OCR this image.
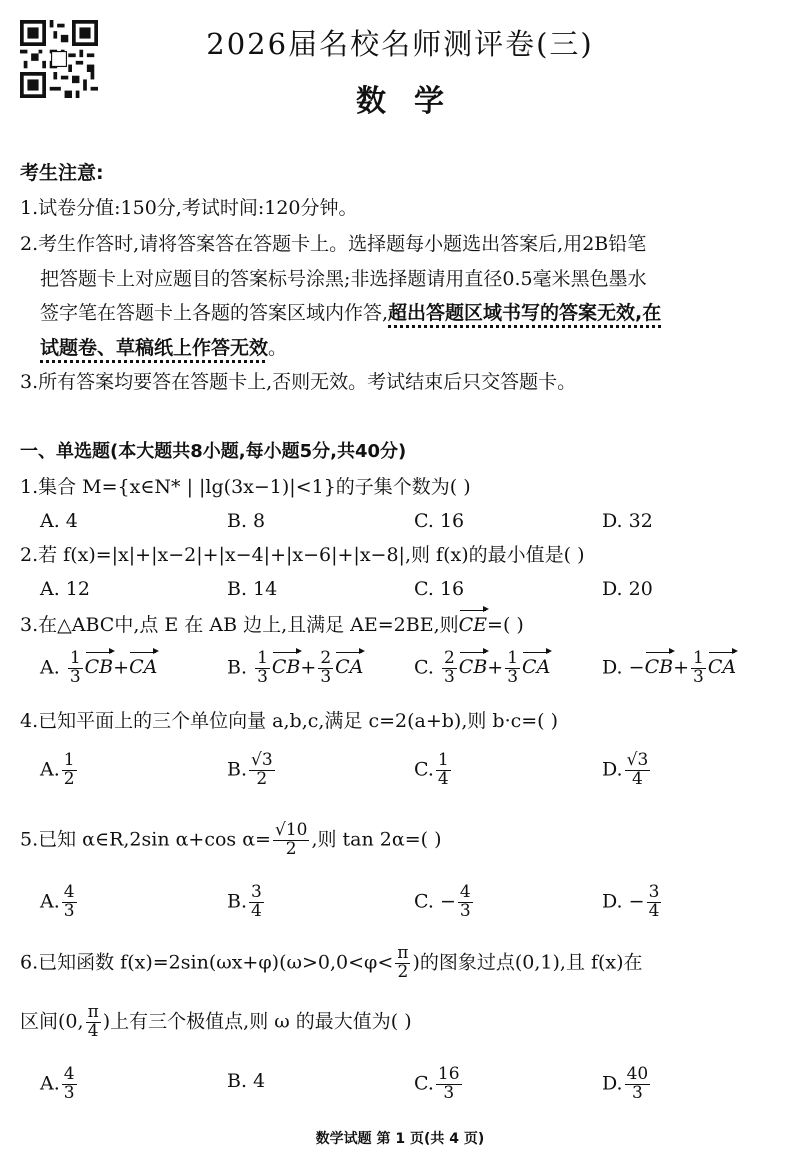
2026届名校名师测评卷(三)
数学
考生注意:
1.试卷分值:150分,考试时间:120分钟。
2.考生作答时,请将答案答在答题卡上。选择题每小题选出答案后,用2B铅笔
把答题卡上对应题目的答案标号涂黑;非选择题请用直径0.5毫米黑色墨水
签字笔在答题卡上各题的答案区域内作答,超出答题区域书写的答案无效,在
试题卷、草稿纸上作答无效。
3.所有答案均要答在答题卡上,否则无效。考试结束后只交答题卡。
一、单选题(本大题共8小题,每小题5分,共40分)
1.集合 M={x∈N* | |lg(3x−1)|<1}的子集个数为( )
A. 4	B. 8	C. 16	D. 32
2.若 f(x)=|x|+|x−2|+|x−4|+|x−6|+|x−8|,则 f(x)的最小值是( )
A. 12	B. 14	C. 16	D. 20
3.在△ABC中,点 E 在 AB 边上,且满足 AE=2BE,则CE=( )
A. $\frac{1}{3} CB+CA$	B. $\frac{1}{3} CB+ \frac{2}{3}$ CA	C. $\frac{2}{3} CB+ \frac{1}{3}$ CA	D. $-CB+ \frac{1}{3}$ CA
4.已知平面上的三个单位向量 a,b,c,满足 c=2(a+b),则 b·c=( )
A. $\frac{1}{2}$	B. $\frac{√3}{2}$	C. $\frac{1}{4}$	D. $\frac{√3}{4}$
5.已知 α∈R,2sin α+cos $\alpha= \frac{√10}{2}$ ,则 tan 2α=( )
A. $\frac{4}{3}$	B. $\frac{3}{4}$	C. − $\frac{4}{3}$	D. − $\frac{3}{4}$
6.已知函数 $f(x)=2\sin(\omega x+\varphi)(\omega>0,0<\varphi< \frac{\pi}{2}$ )的图象过点(0,1),且 f(x)在
区间(0, $\frac{\pi}{4}$ )上有三个极值点,则 ω 的最大值为( )
A. $\frac{4}{3}$	B. 4	C. $\frac{16}{3}$	D. $\frac{40}{3}$
数学试题 第 1 页(共 4 页)
